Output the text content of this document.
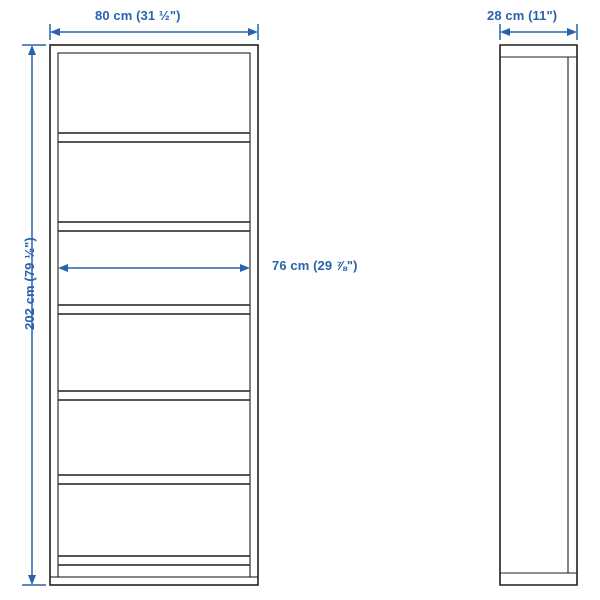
80 cm (31 ½")
202 cm (79 ½")	76 cm (29 ⅞")
28 cm (11")
